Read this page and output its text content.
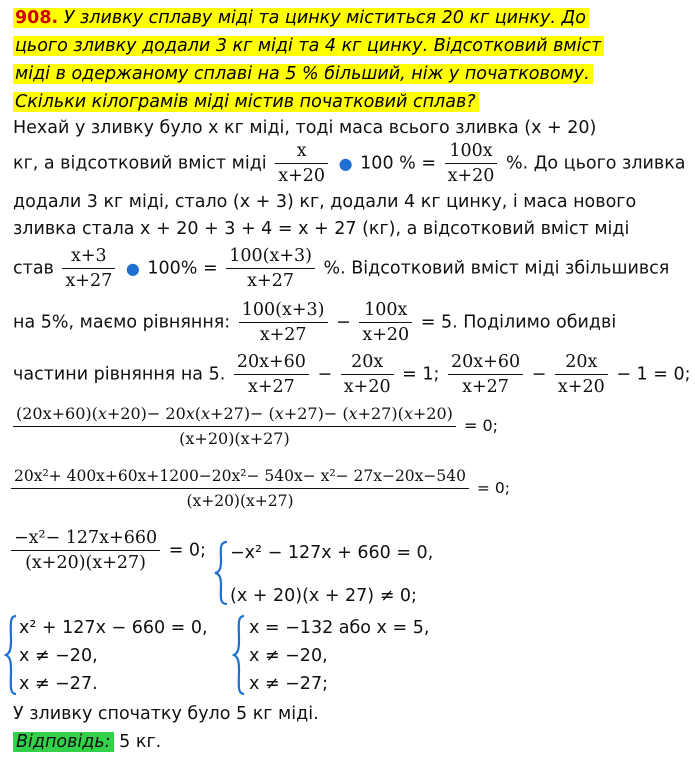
908. У зливку сплаву міді та цинку міститься 20 кг цинку. До
цього зливку додали 3 кг міді та 4 кг цинку. Відсотковий вміст
міді в одержаному сплаві на 5 % більший, ніж у початковому.
Скільки кілограмів міді містив початковий сплав?
Нехай у зливку було х кг міді, тоді маса всього зливка (х + 20)
кг, а відсотковий вміст міді
х
х+20
● 100 % =
100х
х+20
%. До цього зливка
додали 3 кг міді, стало (х + 3) кг, додали 4 кг цинку, і маса нового
зливка стала х + 20 + 3 + 4 = х + 27 (кг), а відсотковий вміст міді
став
х+3
х+27
● 100% =
100(х+3)
х+27
%. Відсотковий вміст міді збільшився
на 5%, маємо рівняння:
100(х+3)
х+27
−
100х
х+20
= 5. Поділимо обидві
частини рівняння на 5.
20х+60
х+27
−
20х
х+20
= 1;
20х+60
х+27
−
20х
х+20
− 1 = 0;
(20х+60)(𝑥+20)− 20𝑥(𝑥+27)− (𝑥+27)− (𝑥+27)(𝑥+20)
(х+20)(х+27)
= 0;
20х²+ 400х+60х+1200−20х²− 540х− х²− 27х−20х−540
(х+20)(х+27)
= 0;
−х²− 127х+660
(х+20)(х+27)
= 0; −х² − 127х + 660 = 0,
(х + 20)(х + 27) ≠ 0;
х² + 127х − 660 = 0,
х ≠ −20,
х ≠ −27.
х = −132 або х = 5,
х ≠ −20,
х ≠ −27;
У зливку спочатку було 5 кг міді.
Відповідь: 5 кг.
